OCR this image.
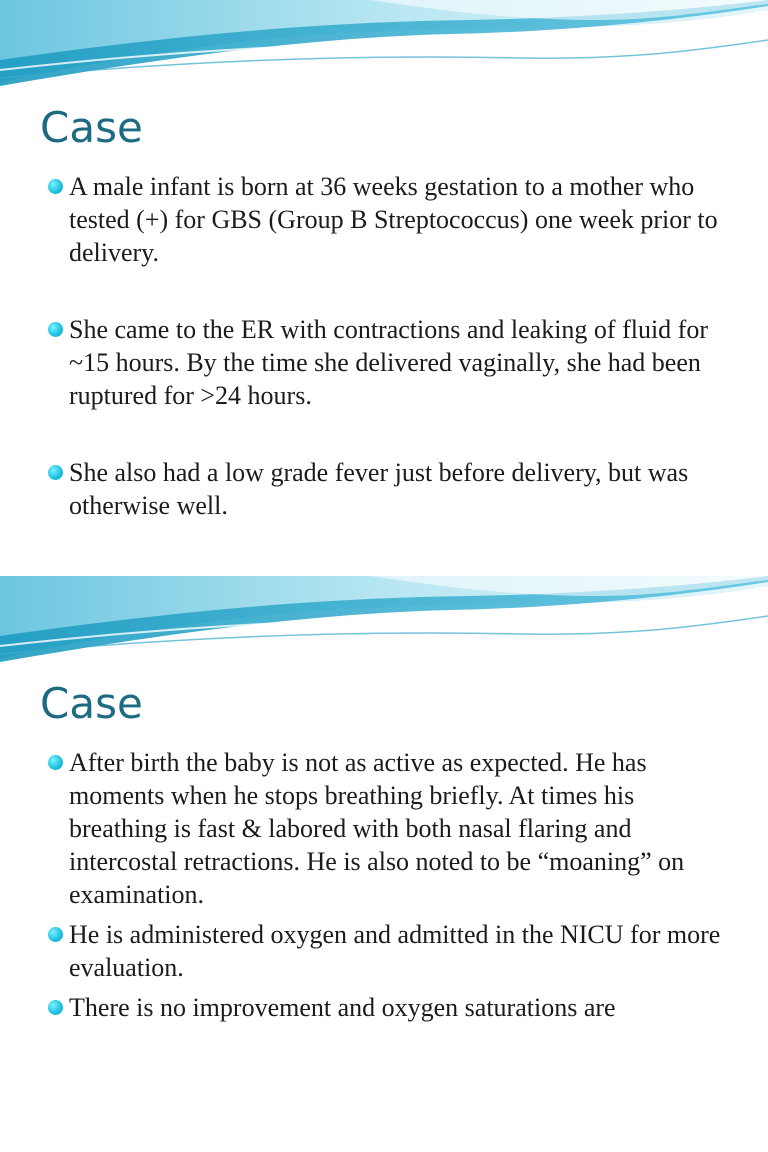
Case
A male infant is born at 36 weeks gestation to a mother who tested (+) for GBS (Group B Streptococcus) one week prior to delivery.
She came to the ER with contractions and leaking of fluid for ~15 hours. By the time she delivered vaginally, she had been ruptured for >24 hours.
She also had a low grade fever just before delivery, but was otherwise well.
Case
After birth the baby is not as active as expected. He has moments when he stops breathing briefly. At times his breathing is fast & labored with both nasal flaring and intercostal retractions. He is also noted to be “moaning” on examination.
He is administered oxygen and admitted in the NICU for more evaluation.
There is no improvement and oxygen saturations are
